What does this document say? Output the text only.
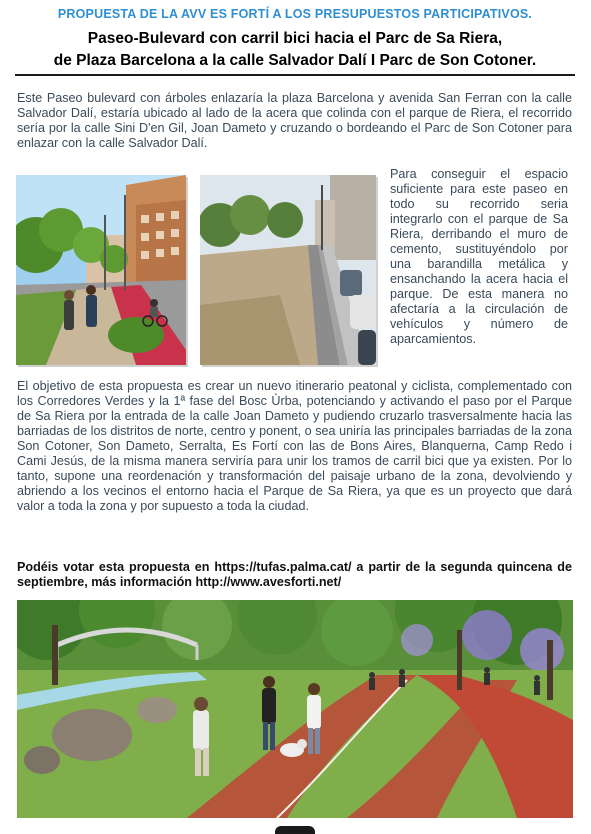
PROPUESTA DE LA AVV ES FORTÍ A LOS PRESUPUESTOS PARTICIPATIVOS.
Paseo-Bulevard con carril bici hacia el Parc de Sa Riera,
de Plaza Barcelona a la calle Salvador Dalí I Parc de Son Cotoner.

Este Paseo bulevard con árboles enlazaría la plaza Barcelona y avenida San Ferran con la calle Salvador Dalí, estaría ubicado al lado de la acera que colinda con el parque de Riera, el recorrido sería por la calle Sini D'en Gil, Joan Dameto y cruzando o bordeando el Parc de Son Cotoner para enlazar con la calle Salvador Dalí.

Para conseguir el espacio suficiente para este paseo en todo su recorrido seria integrarlo con el parque de Sa Riera, derribando el muro de cemento, sustituyéndolo por una barandilla metálica y ensanchando la acera hacia el parque. De esta manera no afectaría a la circulación de vehículos y número de aparcamientos.

El objetivo de esta propuesta es crear un nuevo itinerario peatonal y ciclista, complementado con los Corredores Verdes y la 1ª fase del Bosc Ùrba, potenciando y activando el paso por el Parque de Sa Riera por la entrada de la calle Joan Dameto y pudiendo cruzarlo trasversalmente hacia las barriadas de los distritos de norte, centro y ponent, o sea uniría las principales barriadas de la zona Son Cotoner, Son Dameto, Serralta, Es Fortí con las de Bons Aires, Blanquerna, Camp Redo i Cami Jesús, de la misma manera serviría para unir los tramos de carril bici que ya existen. Por lo tanto, supone una reordenación y transformación del paisaje urbano de la zona, devolviendo y abriendo a los vecinos el entorno hacia el Parque de Sa Riera, ya que es un proyecto que dará valor a toda la zona y por supuesto a toda la ciudad.

Podéis votar esta propuesta en https://tufas.palma.cat/ a partir de la segunda quincena de septiembre, más información http://www.avesforti.net/
